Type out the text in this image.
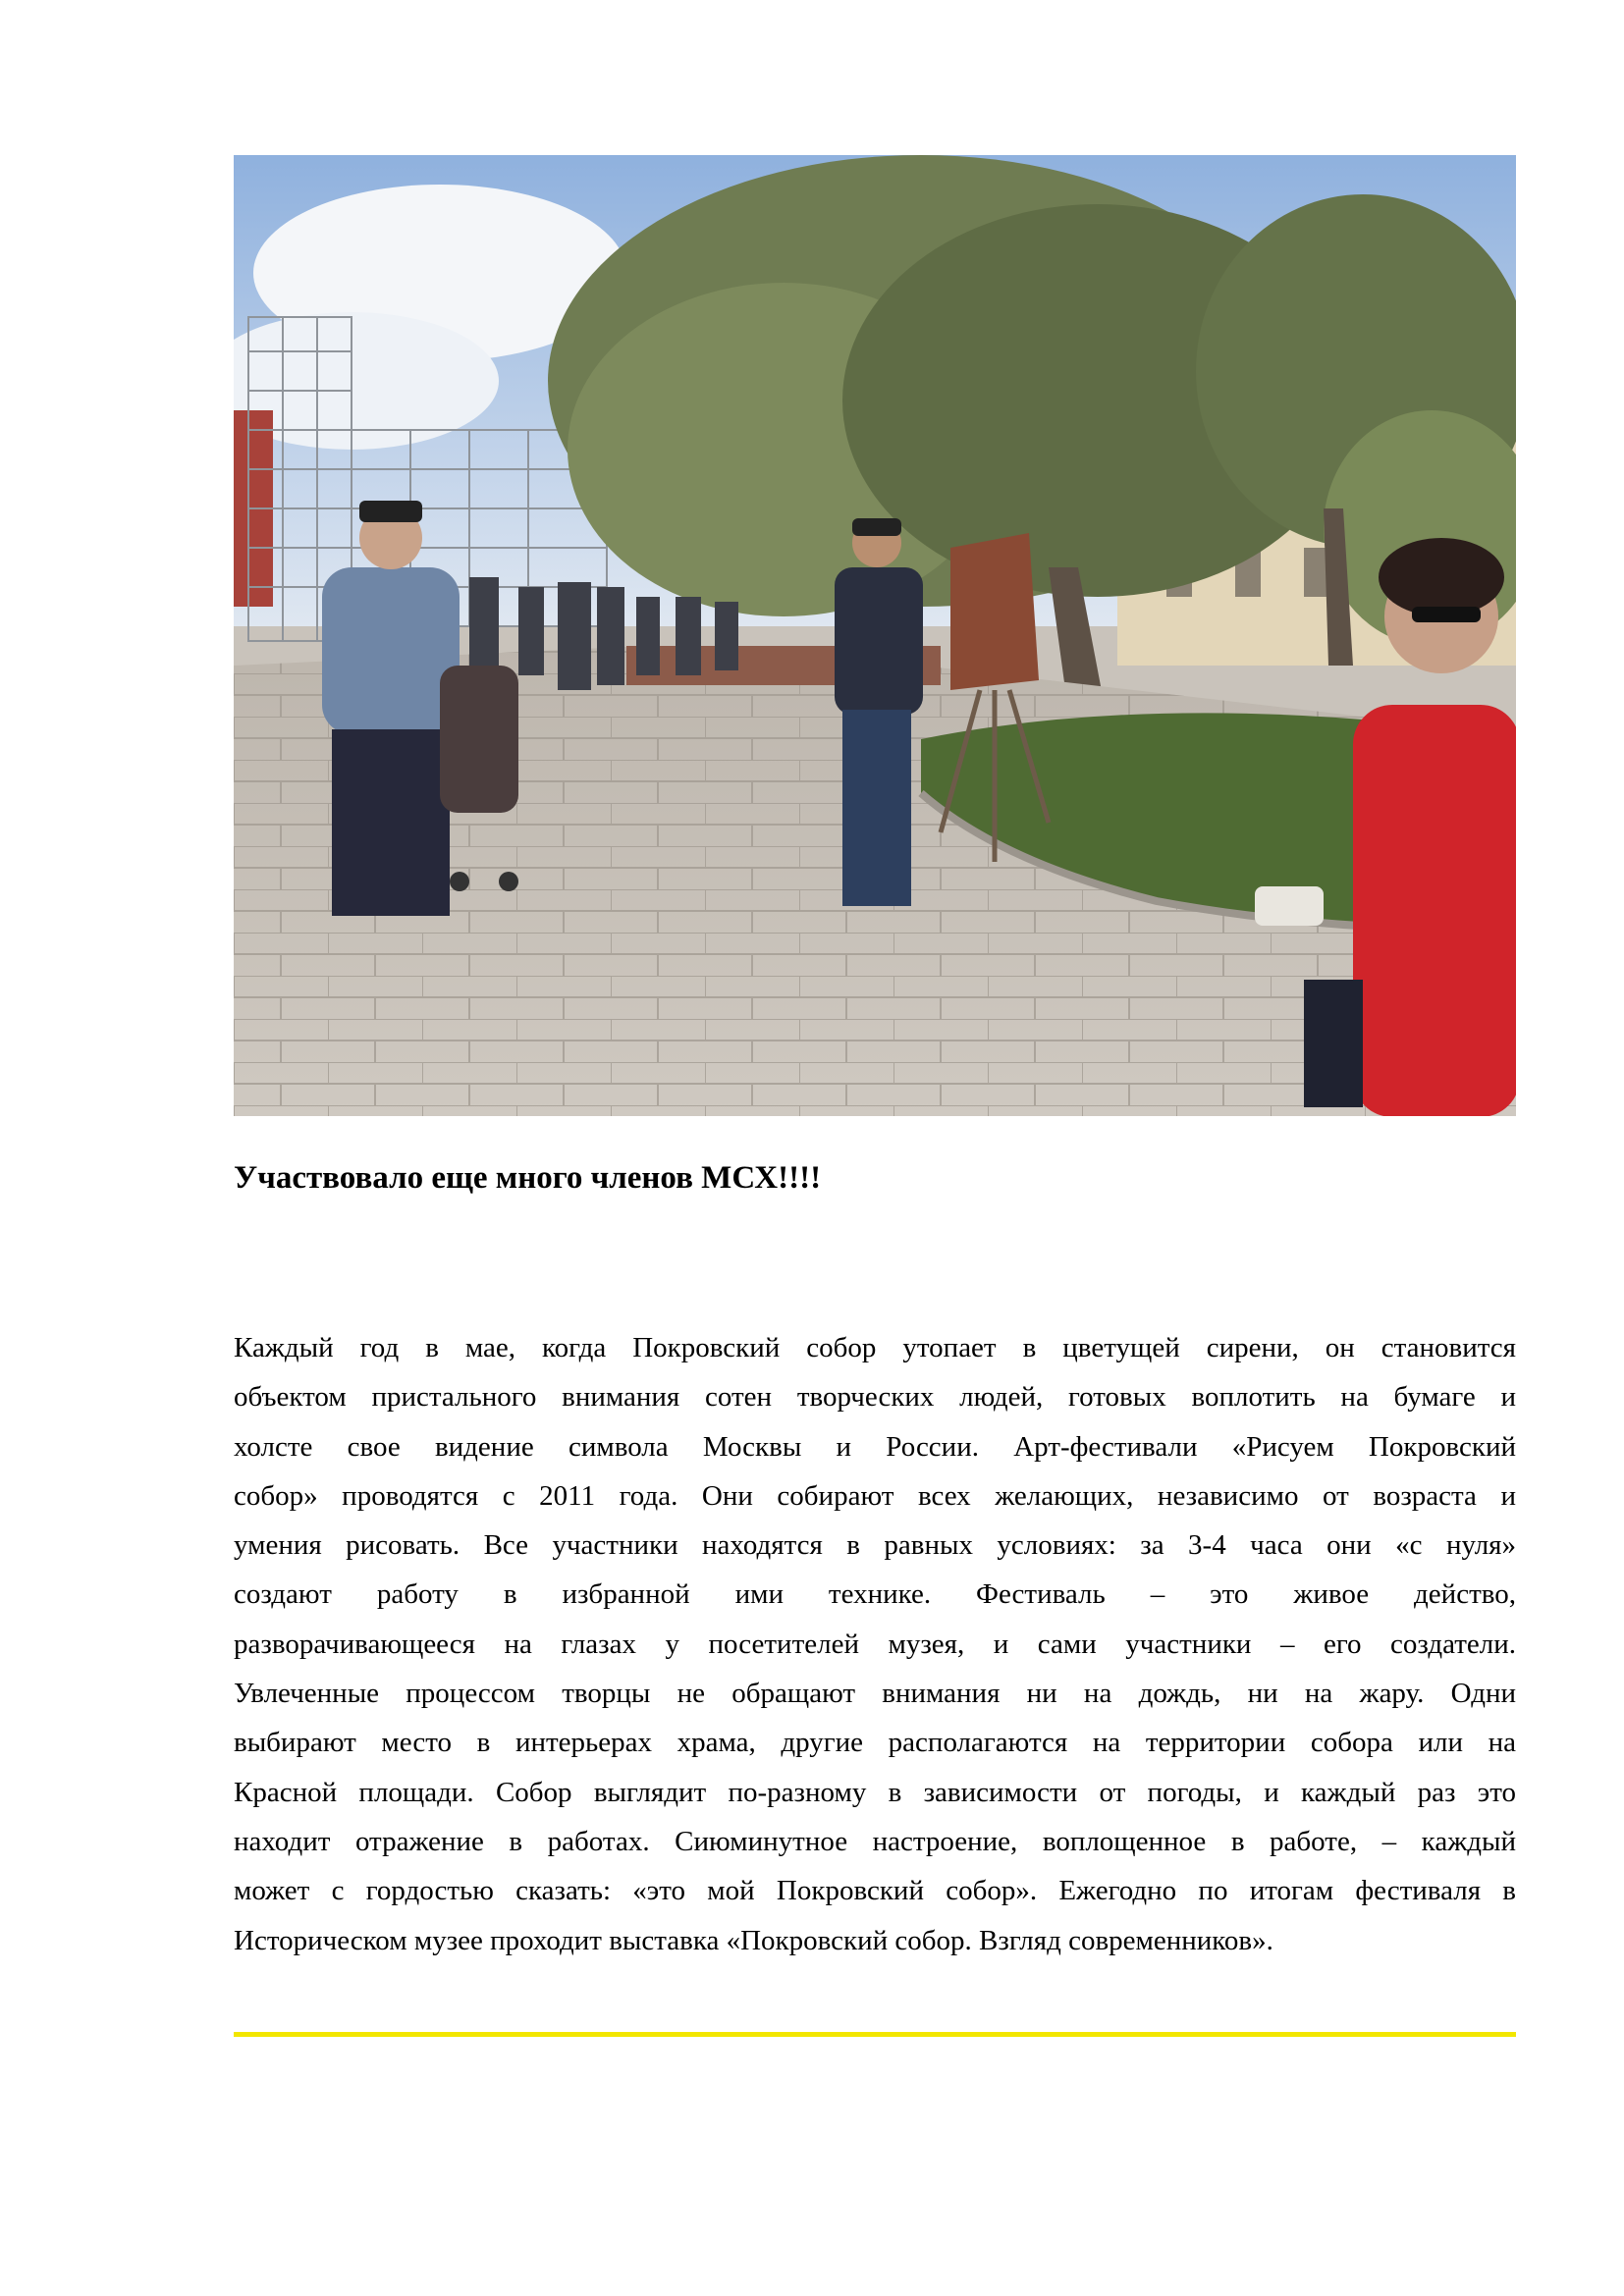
Участвовало еще много членов МСХ!!!!
Каждый год в мае, когда Покровский собор утопает в цветущей сирени, он становится
объектом пристального внимания сотен творческих людей, готовых воплотить на бумаге и
холсте свое видение символа Москвы и России. Арт-фестивали «Рисуем Покровский
собор» проводятся с 2011 года. Они собирают всех желающих, независимо от возраста и
умения рисовать. Все участники находятся в равных условиях: за 3-4 часа они «с нуля»
создают работу в избранной ими технике. Фестиваль – это живое действо,
разворачивающееся на глазах у посетителей музея, и сами участники – его создатели.
Увлеченные процессом творцы не обращают внимания ни на дождь, ни на жару. Одни
выбирают место в интерьерах храма, другие располагаются на территории собора или на
Красной площади. Собор выглядит по-разному в зависимости от погоды, и каждый раз это
находит отражение в работах. Сиюминутное настроение, воплощенное в работе, – каждый
может с гордостью сказать: «это мой Покровский собор». Ежегодно по итогам фестиваля в
Историческом музее проходит выставка «Покровский собор. Взгляд современников».
